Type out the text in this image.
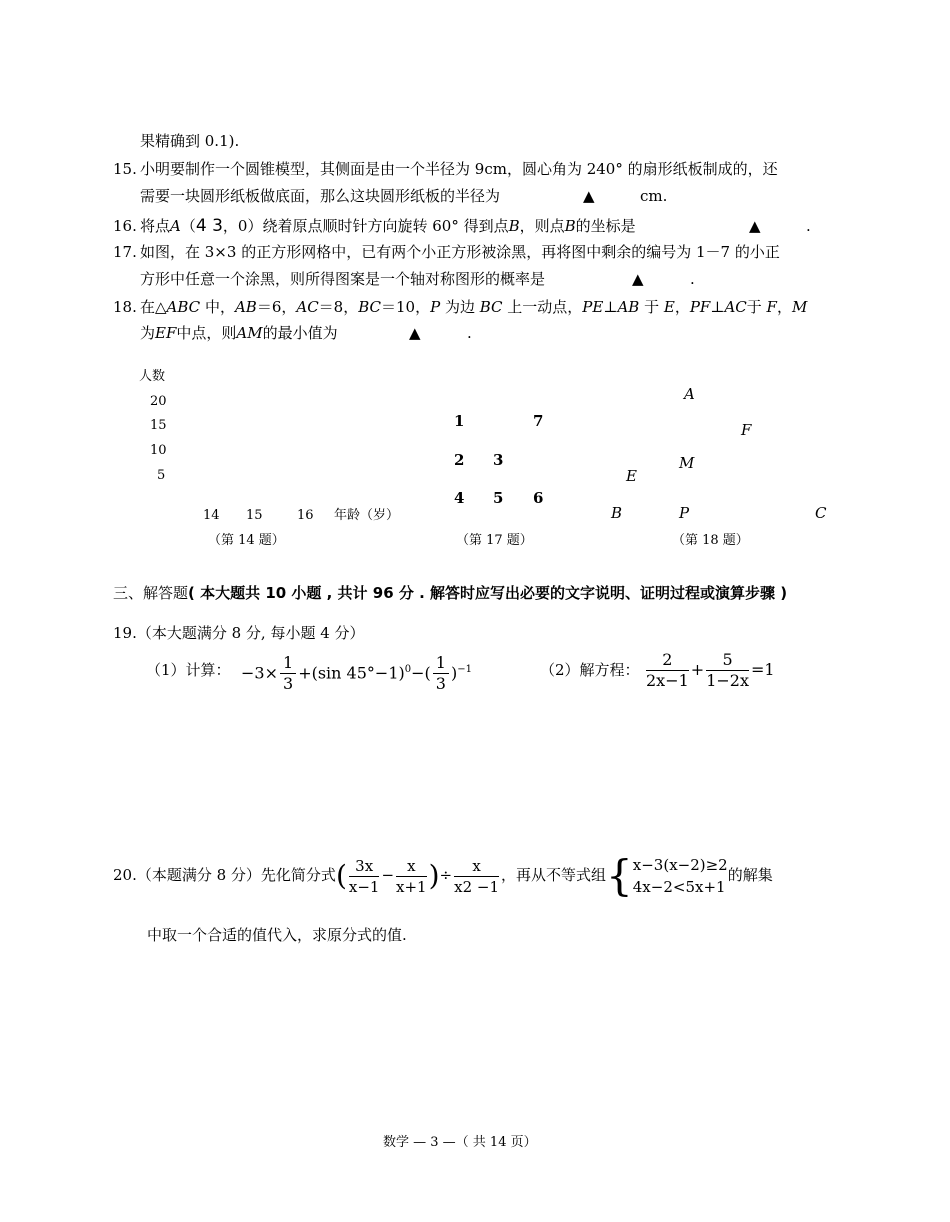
果精确到 0.1).
15. 小明要制作一个圆锥模型，其侧面是由一个半径为 9cm，圆心角为 240° 的扇形纸板制成的，还
需要一块圆形纸板做底面，那么这块圆形纸板的半径为	▲	cm.
16. 将点A（4 3，0）绕着原点顺时针方向旋转 60° 得到点B，则点B的坐标是	▲	.
17. 如图，在 3×3 的正方形网格中，已有两个小正方形被涂黑，再将图中剩余的编号为 1－7 的小正
方形中任意一个涂黑，则所得图案是一个轴对称图形的概率是	▲	.
18. 在△ABC 中，AB＝6，AC＝8，BC＝10，P 为边 BC 上一动点，PE⊥AB 于 E，PF⊥AC于 F，M
为EF中点，则AM的最小值为	▲	.
人数
20
15
10
5
14 15	16 年龄（岁）
（第 14 题）
1	7
2 3
4 5 6
（第 17 题）
A
F
M
E
B	P	C
（第 18 题）
三、解答题( 本大题共 10 小题 , 共计 96 分 . 解答时应写出必要的文字说明、证明过程或演算步骤 )
19.（本大题满分 8 分, 每小题 4 分）
（1）计算： $-3\times \frac{1}{3} +(\sin$ $45^\circ-1)^0-( \frac{1}{3} )^{-1}$	（2）解方程： $\frac{2}{2x-1} + \frac{5}{1-2x} =1$
20.（本题满分 8 分）先化简分式( $\frac{3x}{x-1} - \frac{x}{x+1}$ )÷ $\frac{x}{x2 -1}$ ，再从不等式组{ x−3(x−2)≥2
4x−2<5x+1
的解集
中取一个合适的值代入，求原分式的值.
数学 — 3 —（ 共 14 页）
